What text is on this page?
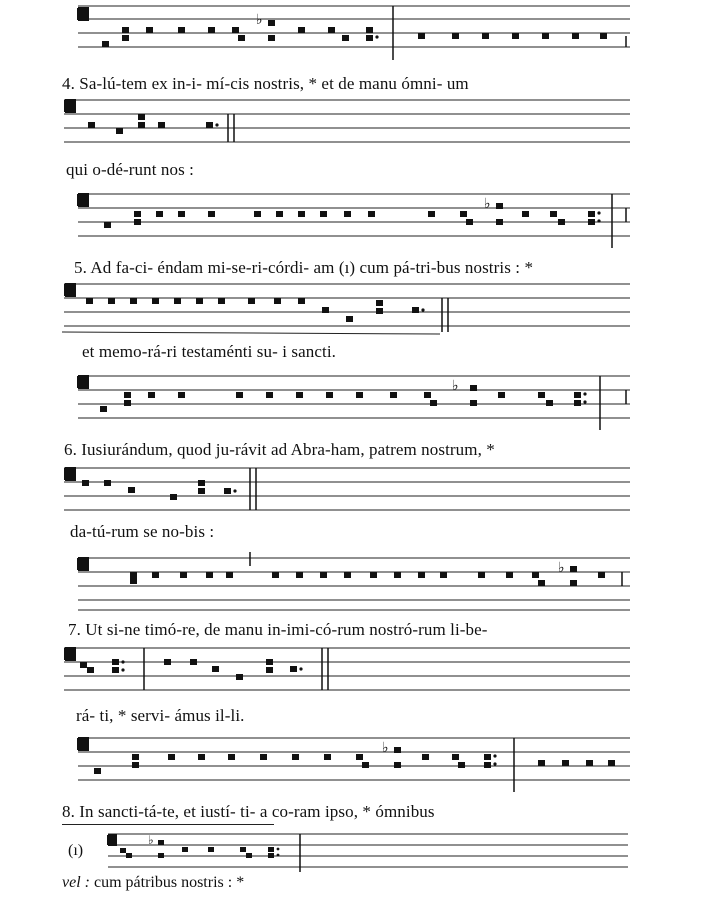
♭
4. Sa-lú-tem ex in-i- mí-cis nostris, * et de manu ómni- um
qui o-dé-runt nos :
♭
5. Ad fa-ci- éndam mi-se-ri-córdi- am (ı) cum pá-tri-bus nostris : *
et memo-rá-ri testaménti su- i sancti.
♭
6. Iusiurándum, quod ju-rávit ad Abra-ham, patrem nostrum, *
da-tú-rum se no-bis :
♭
7. Ut si-ne timó-re, de manu in-imi-có-rum nostró-rum li-be-
rá- ti, * servi- ámus il-li.
♭
8. In sancti-tá-te, et iustí- ti- a co-ram ipso, * ómnibus
♭
(ı)
vel : cum pátribus nostris : *
